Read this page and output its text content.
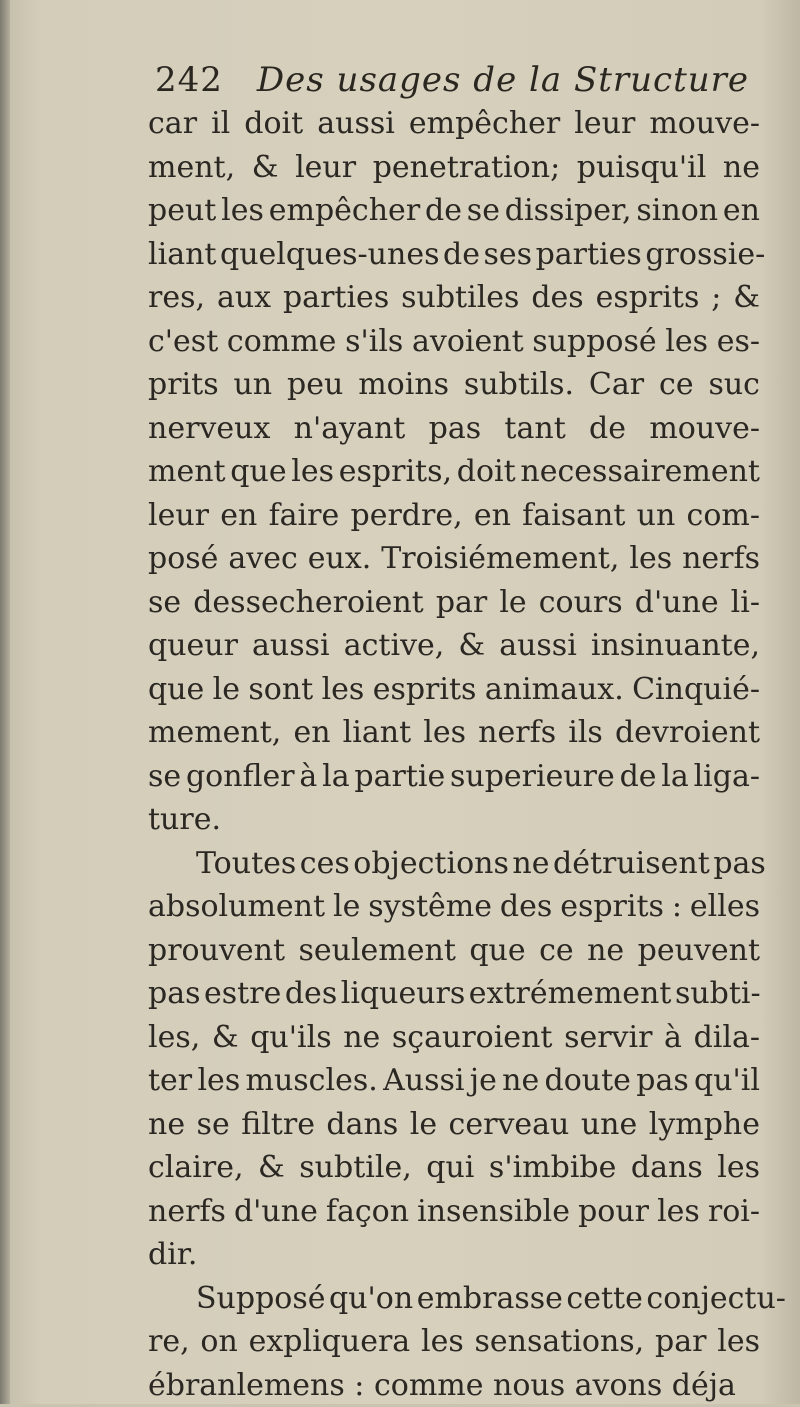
242 Des usages de la Structure
car il doit aussi empêcher leur mouve-
ment, & leur penetration; puisqu'il ne
peut les empêcher de se dissiper, sinon en
liant quelques-unes de ses parties grossie-
res, aux parties subtiles des esprits ; &
c'est comme s'ils avoient supposé les es-
prits un peu moins subtils. Car ce suc
nerveux n'ayant pas tant de mouve-
ment que les esprits, doit necessairement
leur en faire perdre, en faisant un com-
posé avec eux. Troisiémement, les nerfs
se dessecheroient par le cours d'une li-
queur aussi active, & aussi insinuante,
que le sont les esprits animaux. Cinquié-
mement, en liant les nerfs ils devroient
se gonfler à la partie superieure de la liga-
ture.
Toutes ces objections ne détruisent pas
absolument le systême des esprits : elles
prouvent seulement que ce ne peuvent
pas estre des liqueurs extrémement subti-
les, & qu'ils ne sçauroient servir à dila-
ter les muscles. Aussi je ne doute pas qu'il
ne se filtre dans le cerveau une lymphe
claire, & subtile, qui s'imbibe dans les
nerfs d'une façon insensible pour les roi-
dir.
Supposé qu'on embrasse cette conjectu-
re, on expliquera les sensations, par les
ébranlemens : comme nous avons déja
